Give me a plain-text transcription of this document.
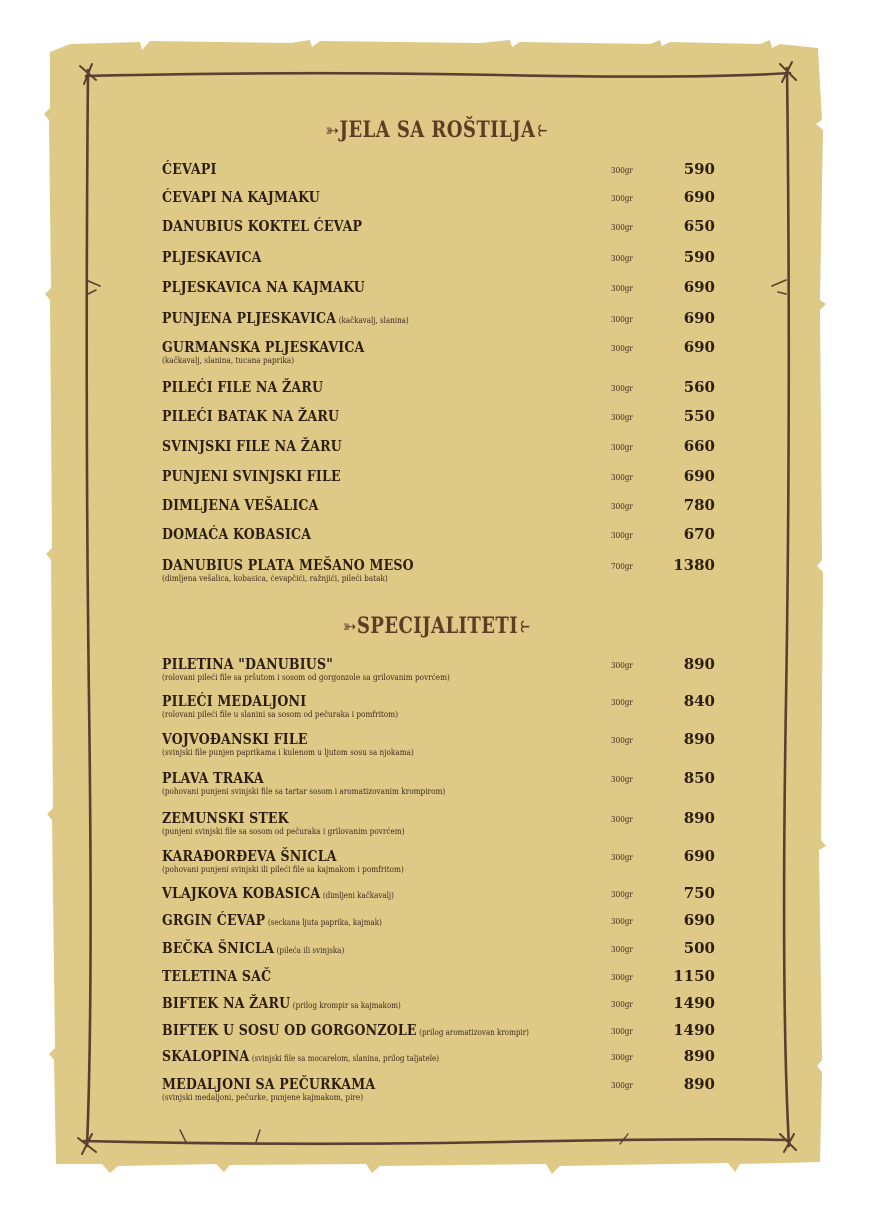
➳JELA SA ROŠTILJA⥼
ĆEVAPI	300gr	590
ĆEVAPI NA KAJMAKU	300gr	690
DANUBIUS KOKTEL ĆEVAP	300gr	650
PLJESKAVICA	300gr	590
PLJESKAVICA NA KAJMAKU	300gr	690
PUNJENA PLJESKAVICA (kačkavalj, slanina)	300gr	690
GURMANSKA PLJESKAVICA
(kačkavalj, slanina, tucana paprika)
300gr	690
PILEĆI FILE NA ŽARU	300gr	560
PILEĆI BATAK NA ŽARU	300gr	550
SVINJSKI FILE NA ŽARU	300gr	660
PUNJENI SVINJSKI FILE	300gr	690
DIMLJENA VEŠALICA	300gr	780
DOMAĆA KOBASICA	300gr	670
DANUBIUS PLATA MEŠANO MESO
(dimljena vešalica, kobasica, ćevapčići, ražnjići, pileći batak)
700gr	1380
➳SPECIJALITETI⥼
PILETINA "DANUBIUS"
(rolovani pileći file sa pršutom i sosom od gorgonzole sa grilovanim povrćem)
300gr	890
PILEĆI MEDALJONI
(rolovani pileći file u slanini sa sosom od pečuraka i pomfritom)
300gr	840
VOJVOĐANSKI FILE
(svinjski file punjen paprikama i kulenom u ljutom sosu sa njokama)
300gr	890
PLAVA TRAKA
(pohovani punjeni svinjski file sa tartar sosom i aromatizovanim krompirom)
300gr	850
ZEMUNSKI STEK
(punjeni svinjski file sa sosom od pečuraka i grilovanim povrćem)
300gr	890
KARAĐORĐEVA ŠNICLA
(pohovani punjeni svinjski ili pileći file sa kajmakom i pomfritom)
300gr	690
VLAJKOVA KOBASICA (dimljeni kačkavalj)	300gr	750
GRGIN ĆEVAP (seckana ljuta paprika, kajmak)	300gr	690
BEČKA ŠNICLA (pileća ili svinjska)	300gr	500
TELETINA SAČ	300gr	1150
BIFTEK NA ŽARU (prilog krompir sa kajmakom)	300gr	1490
BIFTEK U SOSU OD GORGONZOLE (prilog aromatizovan krompir)	300gr	1490
SKALOPINA (svinjski file sa mocarelom, slanina, prilog taljatele)	300gr	890
MEDALJONI SA PEČURKAMA
(svinjski medaljoni, pečurke, punjene kajmakom, pire)
300gr	890
